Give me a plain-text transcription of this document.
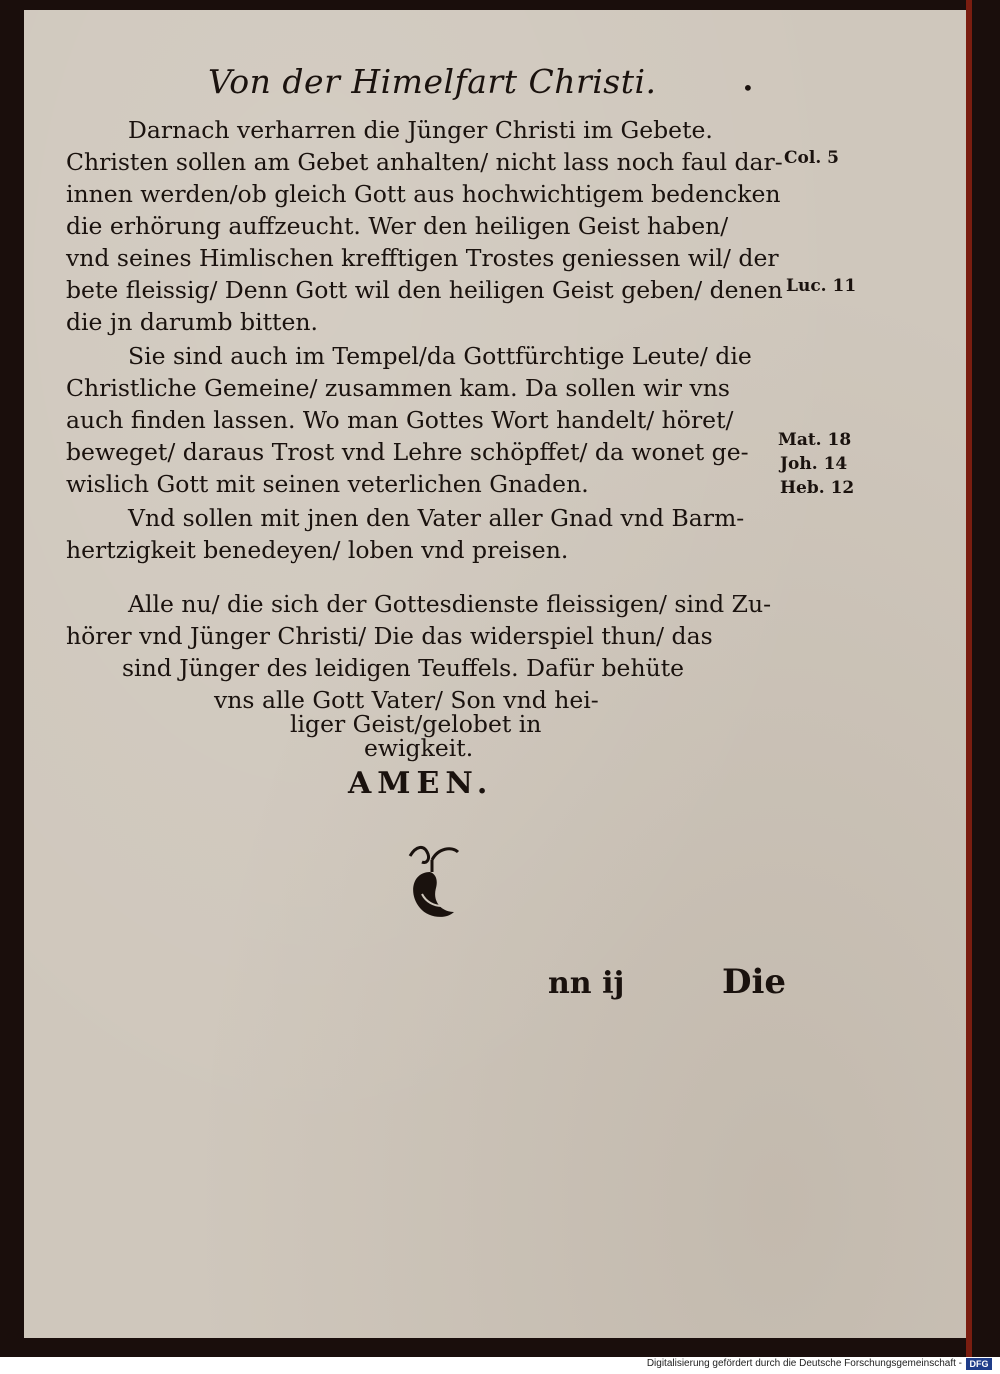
Von der Himelfart Christi.	•
Darnach verharren die Jünger Christi im Gebete.
Christen sollen am Gebet anhalten/ nicht lass noch faul dar-
innen werden/ob gleich Gott aus hochwichtigem bedencken
die erhörung auffzeucht. Wer den heiligen Geist haben/
vnd seines Himlischen krefftigen Trostes geniessen wil/ der
bete fleissig/ Denn Gott wil den heiligen Geist geben/ denen
die jn darumb bitten.
Sie sind auch im Tempel/da Gottfürchtige Leute/ die
Christliche Gemeine/ zusammen kam. Da sollen wir vns
auch finden lassen. Wo man Gottes Wort handelt/ höret/
beweget/ daraus Trost vnd Lehre schöpffet/ da wonet ge-
wislich Gott mit seinen veterlichen Gnaden.
Vnd sollen mit jnen den Vater aller Gnad vnd Barm-
hertzigkeit benedeyen/ loben vnd preisen.
Alle nu/ die sich der Gottesdienste fleissigen/ sind Zu-
hörer vnd Jünger Christi/ Die das widerspiel thun/ das
sind Jünger des leidigen Teuffels. Dafür behüte
vns alle Gott Vater/ Son vnd hei-
liger Geist/gelobet in
ewigkeit.
AMEN.
nn ij	Die
Col. 5
Luc. 11
Mat. 18
Joh. 14
Heb. 12
Digitalisierung gefördert durch die Deutsche Forschungsgemeinschaft - DFG
